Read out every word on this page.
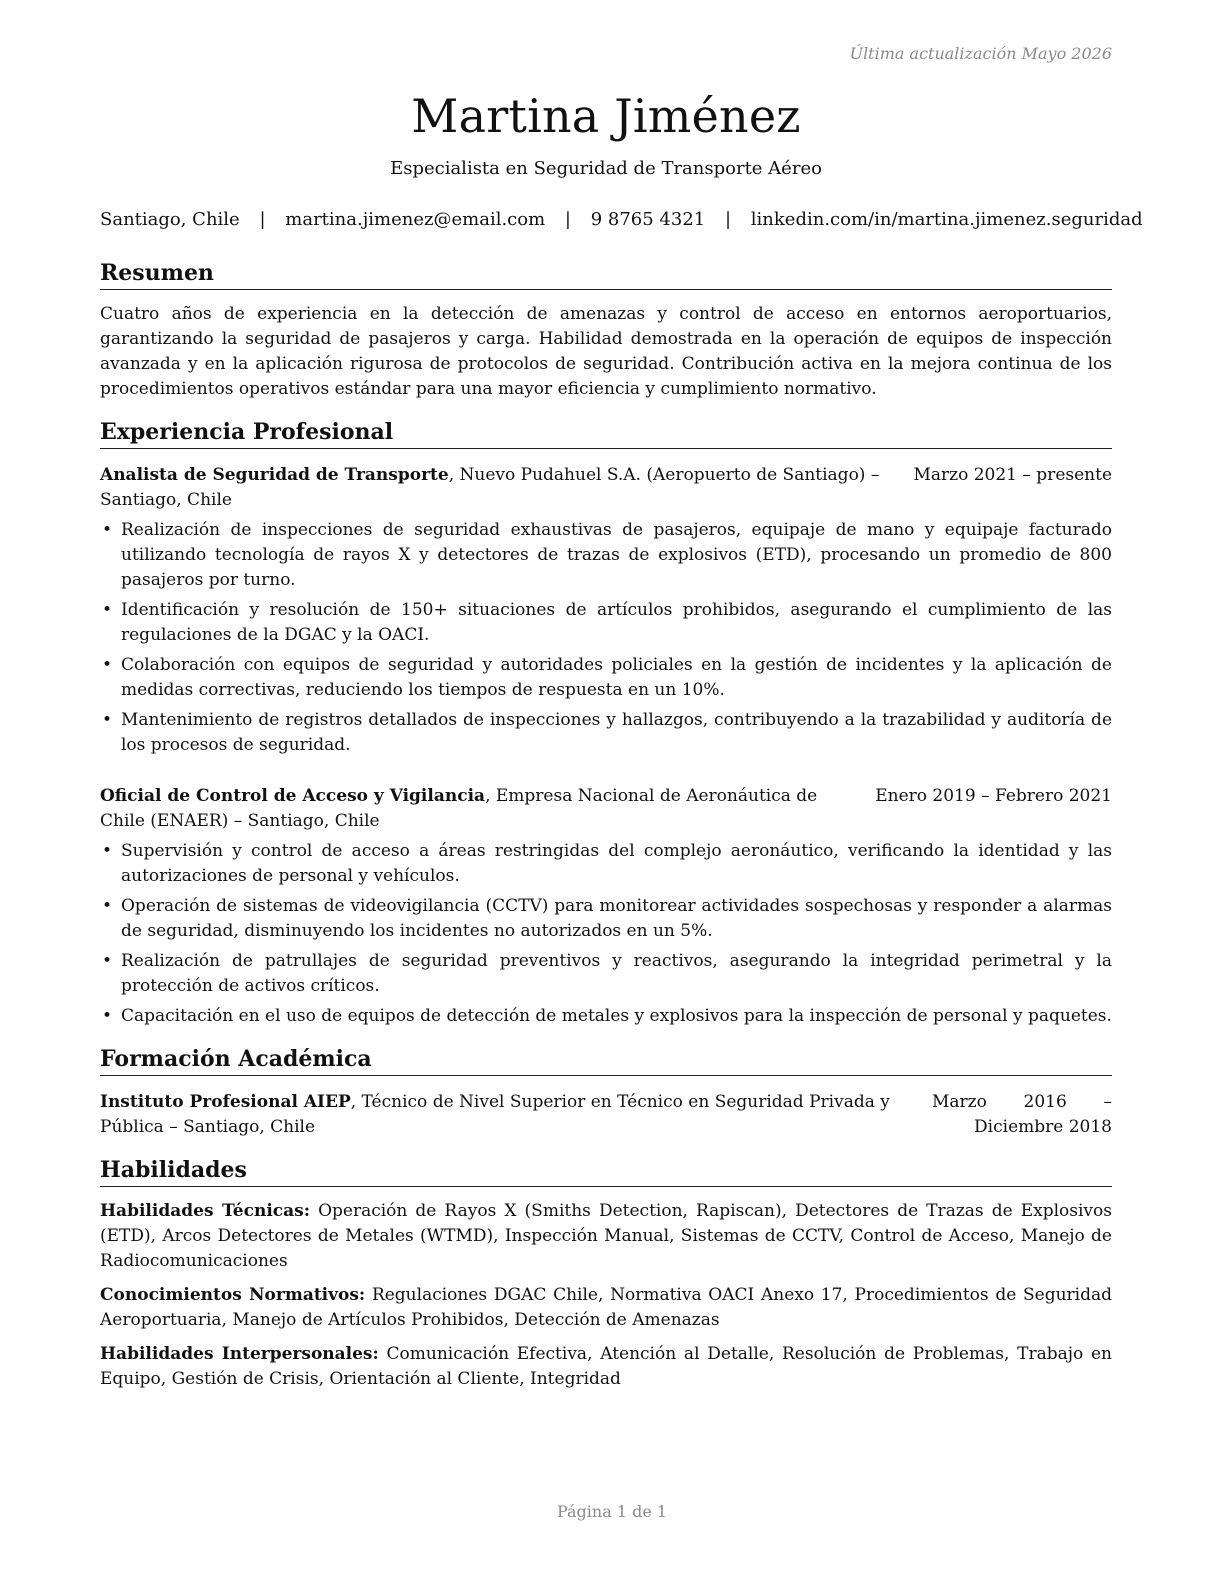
Última actualización Mayo 2026
Martina Jiménez
Especialista en Seguridad de Transporte Aéreo
Santiago, Chile | martina.jimenez@email.com | 9 8765 4321 | linkedin.com/in/martina.jimenez.seguridad
Resumen

Cuatro años de experiencia en la detección de amenazas y control de acceso en entornos aeroportuarios, garantizando la seguridad de pasajeros y carga. Habilidad demostrada en la operación de equipos de inspección avanzada y en la aplicación rigurosa de protocolos de seguridad. Contribución activa en la mejora continua de los procedimientos operativos estándar para una mayor eficiencia y cumplimiento normativo.

Experiencia Profesional
Analista de Seguridad de Transporte, Nuevo Pudahuel S.A. (Aeropuerto de Santiago) – Santiago, Chile
Marzo 2021 – presente
• Realización de inspecciones de seguridad exhaustivas de pasajeros, equipaje de mano y equipaje facturado utilizando tecnología de rayos X y detectores de trazas de explosivos (ETD), procesando un promedio de 800 pasajeros por turno.
• Identificación y resolución de 150+ situaciones de artículos prohibidos, asegurando el cumplimiento de las regulaciones de la DGAC y la OACI.
• Colaboración con equipos de seguridad y autoridades policiales en la gestión de incidentes y la aplicación de medidas correctivas, reduciendo los tiempos de respuesta en un 10%.
• Mantenimiento de registros detallados de inspecciones y hallazgos, contribuyendo a la trazabilidad y auditoría de los procesos de seguridad.
Oficial de Control de Acceso y Vigilancia, Empresa Nacional de Aeronáutica de Chile (ENAER) – Santiago, Chile
Enero 2019 – Febrero 2021
• Supervisión y control de acceso a áreas restringidas del complejo aeronáutico, verificando la identidad y las autorizaciones de personal y vehículos.
• Operación de sistemas de videovigilancia (CCTV) para monitorear actividades sospechosas y responder a alarmas de seguridad, disminuyendo los incidentes no autorizados en un 5%.
• Realización de patrullajes de seguridad preventivos y reactivos, asegurando la integridad perimetral y la protección de activos críticos.
• Capacitación en el uso de equipos de detección de metales y explosivos para la inspección de personal y paquetes.
Formación Académica
Instituto Profesional AIEP, Técnico de Nivel Superior en Técnico en Seguridad Privada y Pública – Santiago, Chile
Marzo 2016 – Diciembre 2018
Habilidades

Habilidades Técnicas: Operación de Rayos X (Smiths Detection, Rapiscan), Detectores de Trazas de Explosivos (ETD), Arcos Detectores de Metales (WTMD), Inspección Manual, Sistemas de CCTV, Control de Acceso, Manejo de Radiocomunicaciones

Conocimientos Normativos: Regulaciones DGAC Chile, Normativa OACI Anexo 17, Procedimientos de Seguridad Aeroportuaria, Manejo de Artículos Prohibidos, Detección de Amenazas

Habilidades Interpersonales: Comunicación Efectiva, Atención al Detalle, Resolución de Problemas, Trabajo en Equipo, Gestión de Crisis, Orientación al Cliente, Integridad

Página 1 de 1
